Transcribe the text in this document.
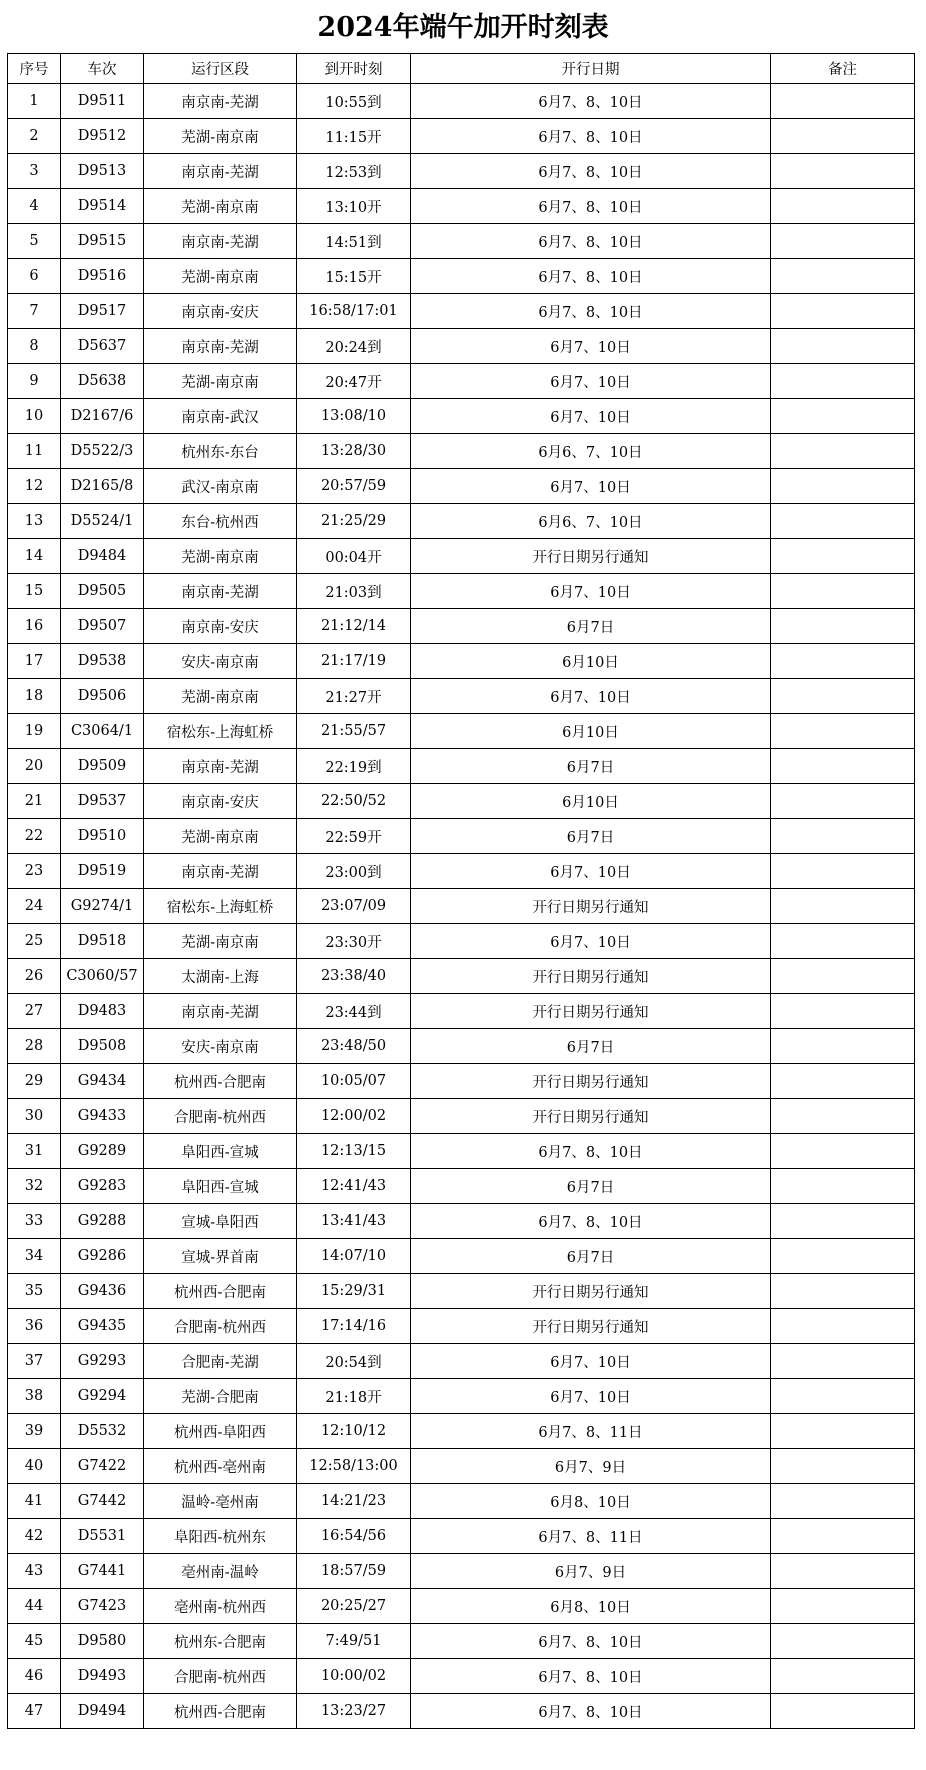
2024年端午加开时刻表
序号	车次	运行区段	到开时刻	开行日期	备注
1	D9511	南京南-芜湖	10:55到	6月7、8、10日	
2	D9512	芜湖-南京南	11:15开	6月7、8、10日	
3	D9513	南京南-芜湖	12:53到	6月7、8、10日	
4	D9514	芜湖-南京南	13:10开	6月7、8、10日	
5	D9515	南京南-芜湖	14:51到	6月7、8、10日	
6	D9516	芜湖-南京南	15:15开	6月7、8、10日	
7	D9517	南京南-安庆	16:58/17:01	6月7、8、10日	
8	D5637	南京南-芜湖	20:24到	6月7、10日	
9	D5638	芜湖-南京南	20:47开	6月7、10日	
10	D2167/6	南京南-武汉	13:08/10	6月7、10日	
11	D5522/3	杭州东-东台	13:28/30	6月6、7、10日	
12	D2165/8	武汉-南京南	20:57/59	6月7、10日	
13	D5524/1	东台-杭州西	21:25/29	6月6、7、10日	
14	D9484	芜湖-南京南	00:04开	开行日期另行通知	
15	D9505	南京南-芜湖	21:03到	6月7、10日	
16	D9507	南京南-安庆	21:12/14	6月7日	
17	D9538	安庆-南京南	21:17/19	6月10日	
18	D9506	芜湖-南京南	21:27开	6月7、10日	
19	C3064/1	宿松东-上海虹桥	21:55/57	6月10日	
20	D9509	南京南-芜湖	22:19到	6月7日	
21	D9537	南京南-安庆	22:50/52	6月10日	
22	D9510	芜湖-南京南	22:59开	6月7日	
23	D9519	南京南-芜湖	23:00到	6月7、10日	
24	G9274/1	宿松东-上海虹桥	23:07/09	开行日期另行通知	
25	D9518	芜湖-南京南	23:30开	6月7、10日	
26	C3060/57	太湖南-上海	23:38/40	开行日期另行通知	
27	D9483	南京南-芜湖	23:44到	开行日期另行通知	
28	D9508	安庆-南京南	23:48/50	6月7日	
29	G9434	杭州西-合肥南	10:05/07	开行日期另行通知	
30	G9433	合肥南-杭州西	12:00/02	开行日期另行通知	
31	G9289	阜阳西-宣城	12:13/15	6月7、8、10日	
32	G9283	阜阳西-宣城	12:41/43	6月7日	
33	G9288	宣城-阜阳西	13:41/43	6月7、8、10日	
34	G9286	宣城-界首南	14:07/10	6月7日	
35	G9436	杭州西-合肥南	15:29/31	开行日期另行通知	
36	G9435	合肥南-杭州西	17:14/16	开行日期另行通知	
37	G9293	合肥南-芜湖	20:54到	6月7、10日	
38	G9294	芜湖-合肥南	21:18开	6月7、10日	
39	D5532	杭州西-阜阳西	12:10/12	6月7、8、11日	
40	G7422	杭州西-亳州南	12:58/13:00	6月7、9日	
41	G7442	温岭-亳州南	14:21/23	6月8、10日	
42	D5531	阜阳西-杭州东	16:54/56	6月7、8、11日	
43	G7441	亳州南-温岭	18:57/59	6月7、9日	
44	G7423	亳州南-杭州西	20:25/27	6月8、10日	
45	D9580	杭州东-合肥南	7:49/51	6月7、8、10日	
46	D9493	合肥南-杭州西	10:00/02	6月7、8、10日	
47	D9494	杭州西-合肥南	13:23/27	6月7、8、10日	
